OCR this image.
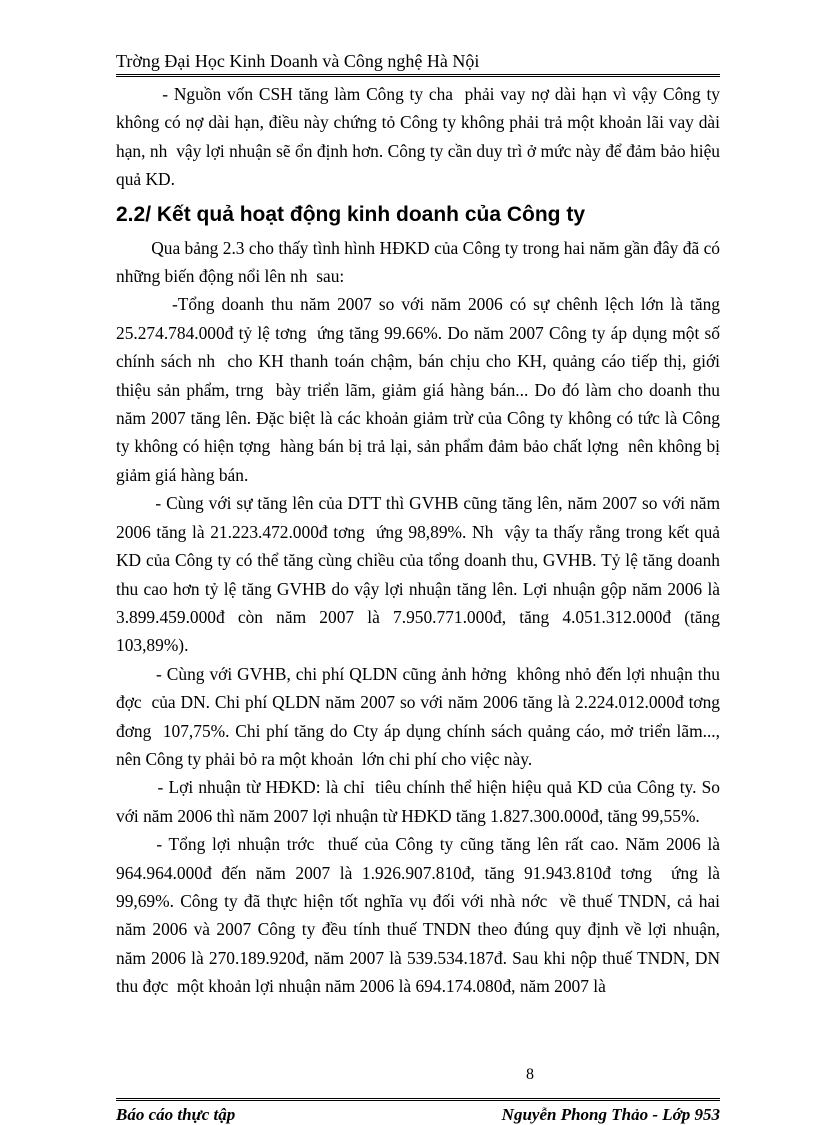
Trờng Đại Học Kinh Doanh và Công nghệ Hà Nội

- Nguồn vốn CSH tăng làm Công ty cha  phải vay nợ dài hạn vì vậy Công ty không có nợ dài hạn, điều này chứng tỏ Công ty không phải trả một khoản lãi vay dài hạn, nh  vậy lợi nhuận sẽ ổn định hơn. Công ty cần duy trì ở mức này để đảm bảo hiệu quả KD.

2.2/ Kết quả hoạt động kinh doanh của Công ty

Qua bảng 2.3 cho thấy tình hình HĐKD của Công ty trong hai năm gần đây đã có những biến động nổi lên nh  sau:

-Tổng doanh thu năm 2007 so với năm 2006 có sự chênh lệch lớn là tăng 25.274.784.000đ tỷ lệ tơng  ứng tăng 99.66%. Do năm 2007 Công ty áp dụng một số chính sách nh  cho KH thanh toán chậm, bán chịu cho KH, quảng cáo tiếp thị, giới thiệu sản phẩm, trng  bày triển lãm, giảm giá hàng bán... Do đó làm cho doanh thu năm 2007 tăng lên. Đặc biệt là các khoản giảm trừ của Công ty không có tức là Công ty không có hiện tợng  hàng bán bị trả lại, sản phẩm đảm bảo chất lợng  nên không bị giảm giá hàng bán.

- Cùng với sự tăng lên của DTT thì GVHB cũng tăng lên, năm 2007 so với năm 2006 tăng là 21.223.472.000đ tơng  ứng 98,89%. Nh  vậy ta thấy rằng trong kết quả KD của Công ty có thể tăng cùng chiều của tổng doanh thu, GVHB. Tỷ lệ tăng doanh thu cao hơn tỷ lệ tăng GVHB do vậy lợi nhuận tăng lên. Lợi nhuận gộp năm 2006 là 3.899.459.000đ còn năm 2007 là 7.950.771.000đ, tăng 4.051.312.000đ (tăng 103,89%).

- Cùng với GVHB, chi phí QLDN cũng ảnh hởng  không nhỏ đến lợi nhuận thu đợc  của DN. Chi phí QLDN năm 2007 so với năm 2006 tăng là 2.224.012.000đ tơng  đơng  107,75%. Chi phí tăng do Cty áp dụng chính sách quảng cáo, mở triển lãm..., nên Công ty phải bỏ ra một khoản  lớn chi phí cho việc này.

- Lợi nhuận từ HĐKD: là chỉ  tiêu chính thể hiện hiệu quả KD của Công ty. So với năm 2006 thì năm 2007 lợi nhuận từ HĐKD tăng 1.827.300.000đ, tăng 99,55%.

- Tổng lợi nhuận trớc  thuế của Công ty cũng tăng lên rất cao. Năm 2006 là 964.964.000đ đến năm 2007 là 1.926.907.810đ, tăng 91.943.810đ tơng  ứng là 99,69%. Công ty đã thực hiện tốt nghĩa vụ đối với nhà nớc  về thuế TNDN, cả hai năm 2006 và 2007 Công ty đều tính thuế TNDN theo đúng quy định về lợi nhuận, năm 2006 là 270.189.920đ, năm 2007 là 539.534.187đ. Sau khi nộp thuế TNDN, DN thu đợc  một khoản lợi nhuận năm 2006 là 694.174.080đ, năm 2007 là

8
Báo cáo thực tập	Nguyễn Phong Thảo - Lớp 953
